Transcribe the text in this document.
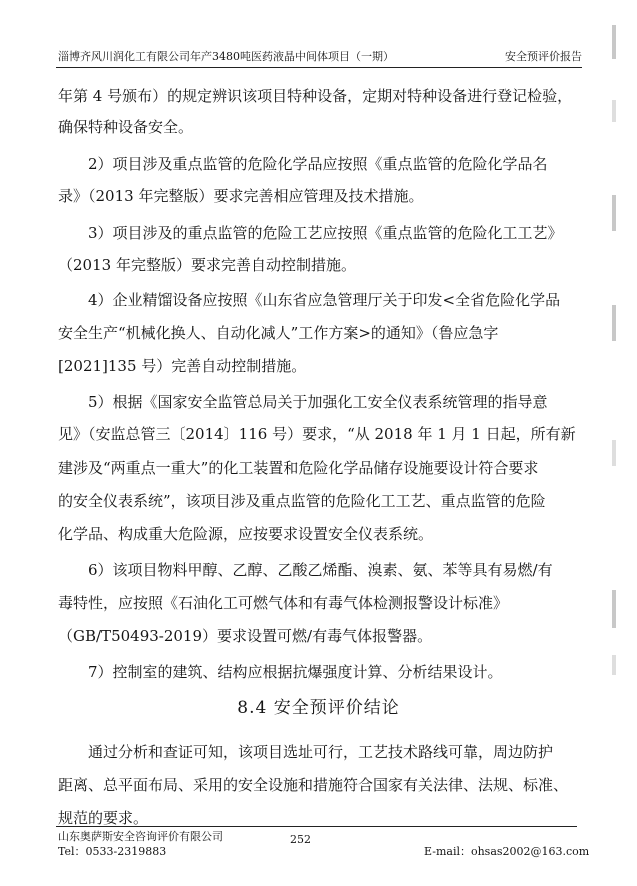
淄博齐风川润化工有限公司年产3480吨医药液晶中间体项目（一期）	安全预评价报告
年第 4 号颁布）的规定辨识该项目特种设备，定期对特种设备进行登记检验，
确保特种设备安全。
2）项目涉及重点监管的危险化学品应按照《重点监管的危险化学品名
录》（2013 年完整版）要求完善相应管理及技术措施。
3）项目涉及的重点监管的危险工艺应按照《重点监管的危险化工工艺》
（2013 年完整版）要求完善自动控制措施。
4）企业精馏设备应按照《山东省应急管理厅关于印发<全省危险化学品
安全生产“机械化换人、自动化减人”工作方案>的通知》（鲁应急字
[2021]135 号）完善自动控制措施。
5）根据《国家安全监管总局关于加强化工安全仪表系统管理的指导意
见》（安监总管三〔2014〕116 号）要求，“从 2018 年 1 月 1 日起，所有新
建涉及“两重点一重大”的化工装置和危险化学品储存设施要设计符合要求
的安全仪表系统”，该项目涉及重点监管的危险化工工艺、重点监管的危险
化学品、构成重大危险源，应按要求设置安全仪表系统。
6）该项目物料甲醇、乙醇、乙酸乙烯酯、溴素、氨、苯等具有易燃/有
毒特性，应按照《石油化工可燃气体和有毒气体检测报警设计标准》
（GB/T50493-2019）要求设置可燃/有毒气体报警器。
7）控制室的建筑、结构应根据抗爆强度计算、分析结果设计。
8.4 安全预评价结论
通过分析和查证可知，该项目选址可行，工艺技术路线可靠，周边防护
距离、总平面布局、采用的安全设施和措施符合国家有关法律、法规、标准、
规范的要求。
山东奥萨斯安全咨询评价有限公司
Tel：0533-2319883
252
E-mail：ohsas2002@163.com
